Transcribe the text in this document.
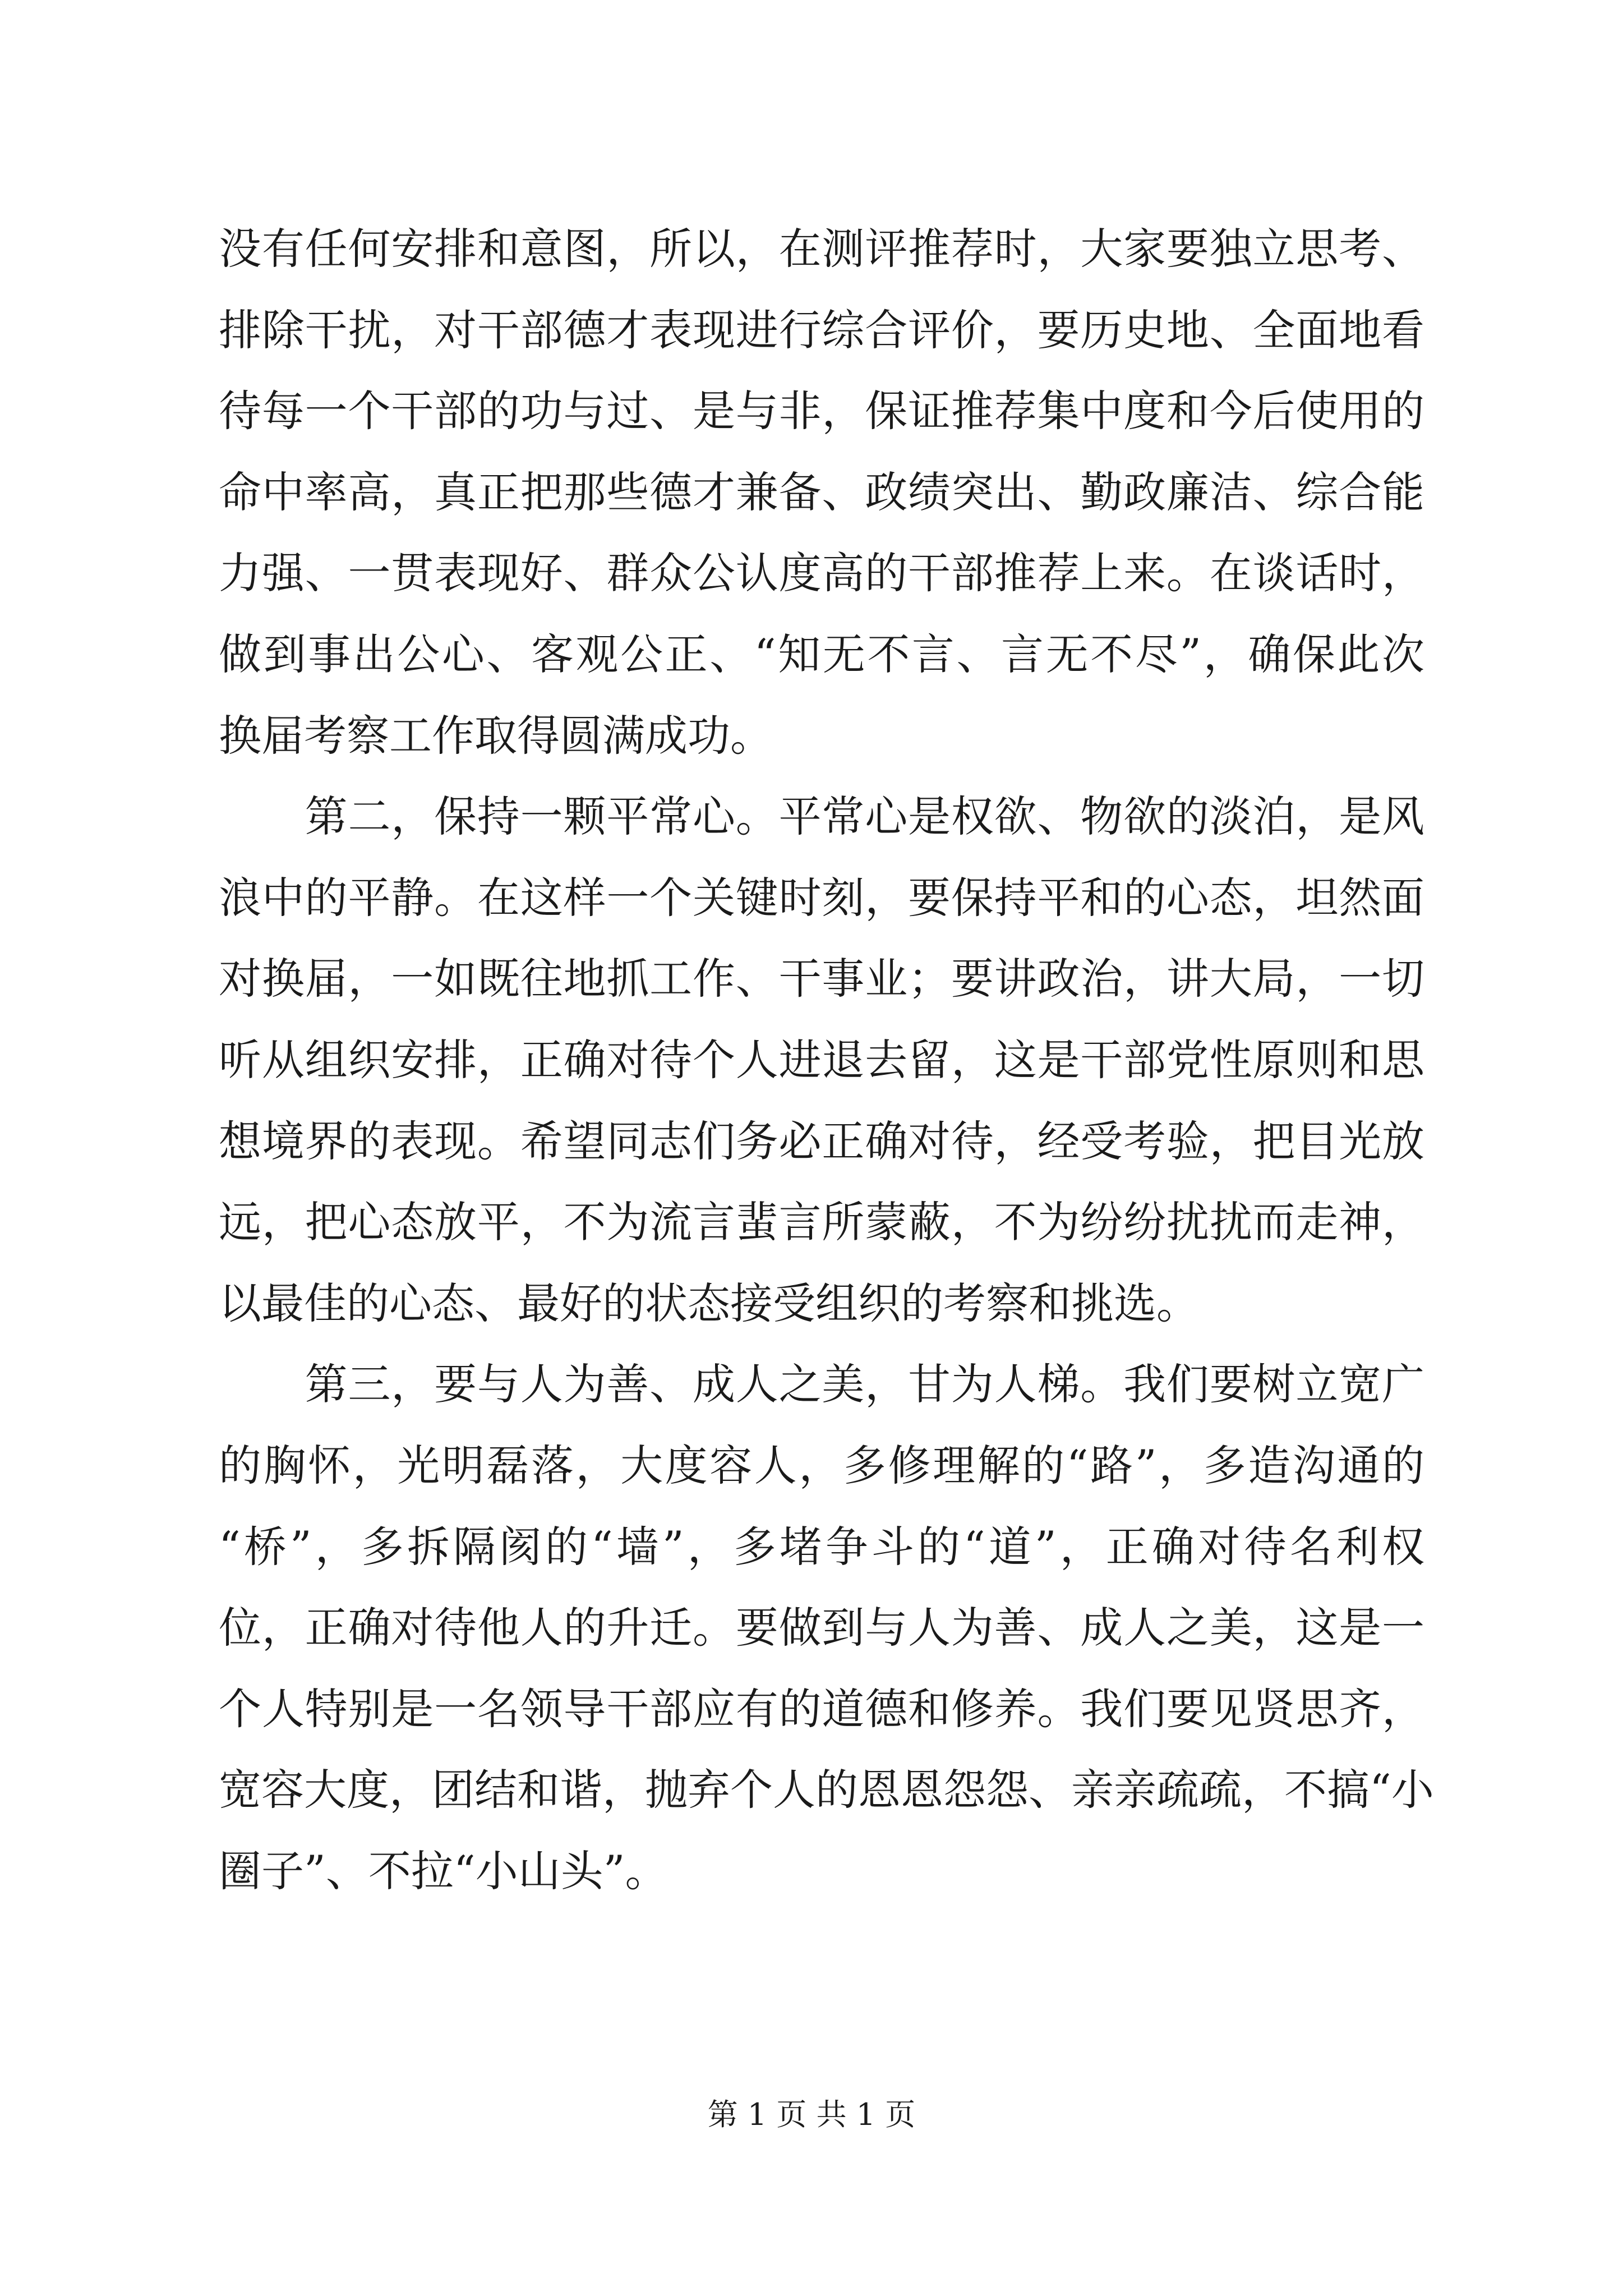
没有任何安排和意图，所以，在测评推荐时，大家要独立思考、
排除干扰，对干部德才表现进行综合评价，要历史地、全面地看
待每一个干部的功与过、是与非，保证推荐集中度和今后使用的
命中率高，真正把那些德才兼备、政绩突出、勤政廉洁、综合能
力强、一贯表现好、群众公认度高的干部推荐上来。在谈话时，
做到事出公心、客观公正、“知无不言、言无不尽”，确保此次
换届考察工作取得圆满成功。
　　第二，保持一颗平常心。平常心是权欲、物欲的淡泊，是风
浪中的平静。在这样一个关键时刻，要保持平和的心态，坦然面
对换届，一如既往地抓工作、干事业；要讲政治，讲大局，一切
听从组织安排，正确对待个人进退去留，这是干部党性原则和思
想境界的表现。希望同志们务必正确对待，经受考验，把目光放
远，把心态放平，不为流言蜚言所蒙蔽，不为纷纷扰扰而走神，
以最佳的心态、最好的状态接受组织的考察和挑选。
　　第三，要与人为善、成人之美，甘为人梯。我们要树立宽广
的胸怀，光明磊落，大度容人，多修理解的“路”，多造沟通的
“桥”，多拆隔阂的“墙”，多堵争斗的“道”，正确对待名利权
位，正确对待他人的升迁。要做到与人为善、成人之美，这是一
个人特别是一名领导干部应有的道德和修养。我们要见贤思齐，
宽容大度，团结和谐，抛弃个人的恩恩怨怨、亲亲疏疏，不搞“小
圈子”、不拉“小山头”。
第 1 页 共 1 页
